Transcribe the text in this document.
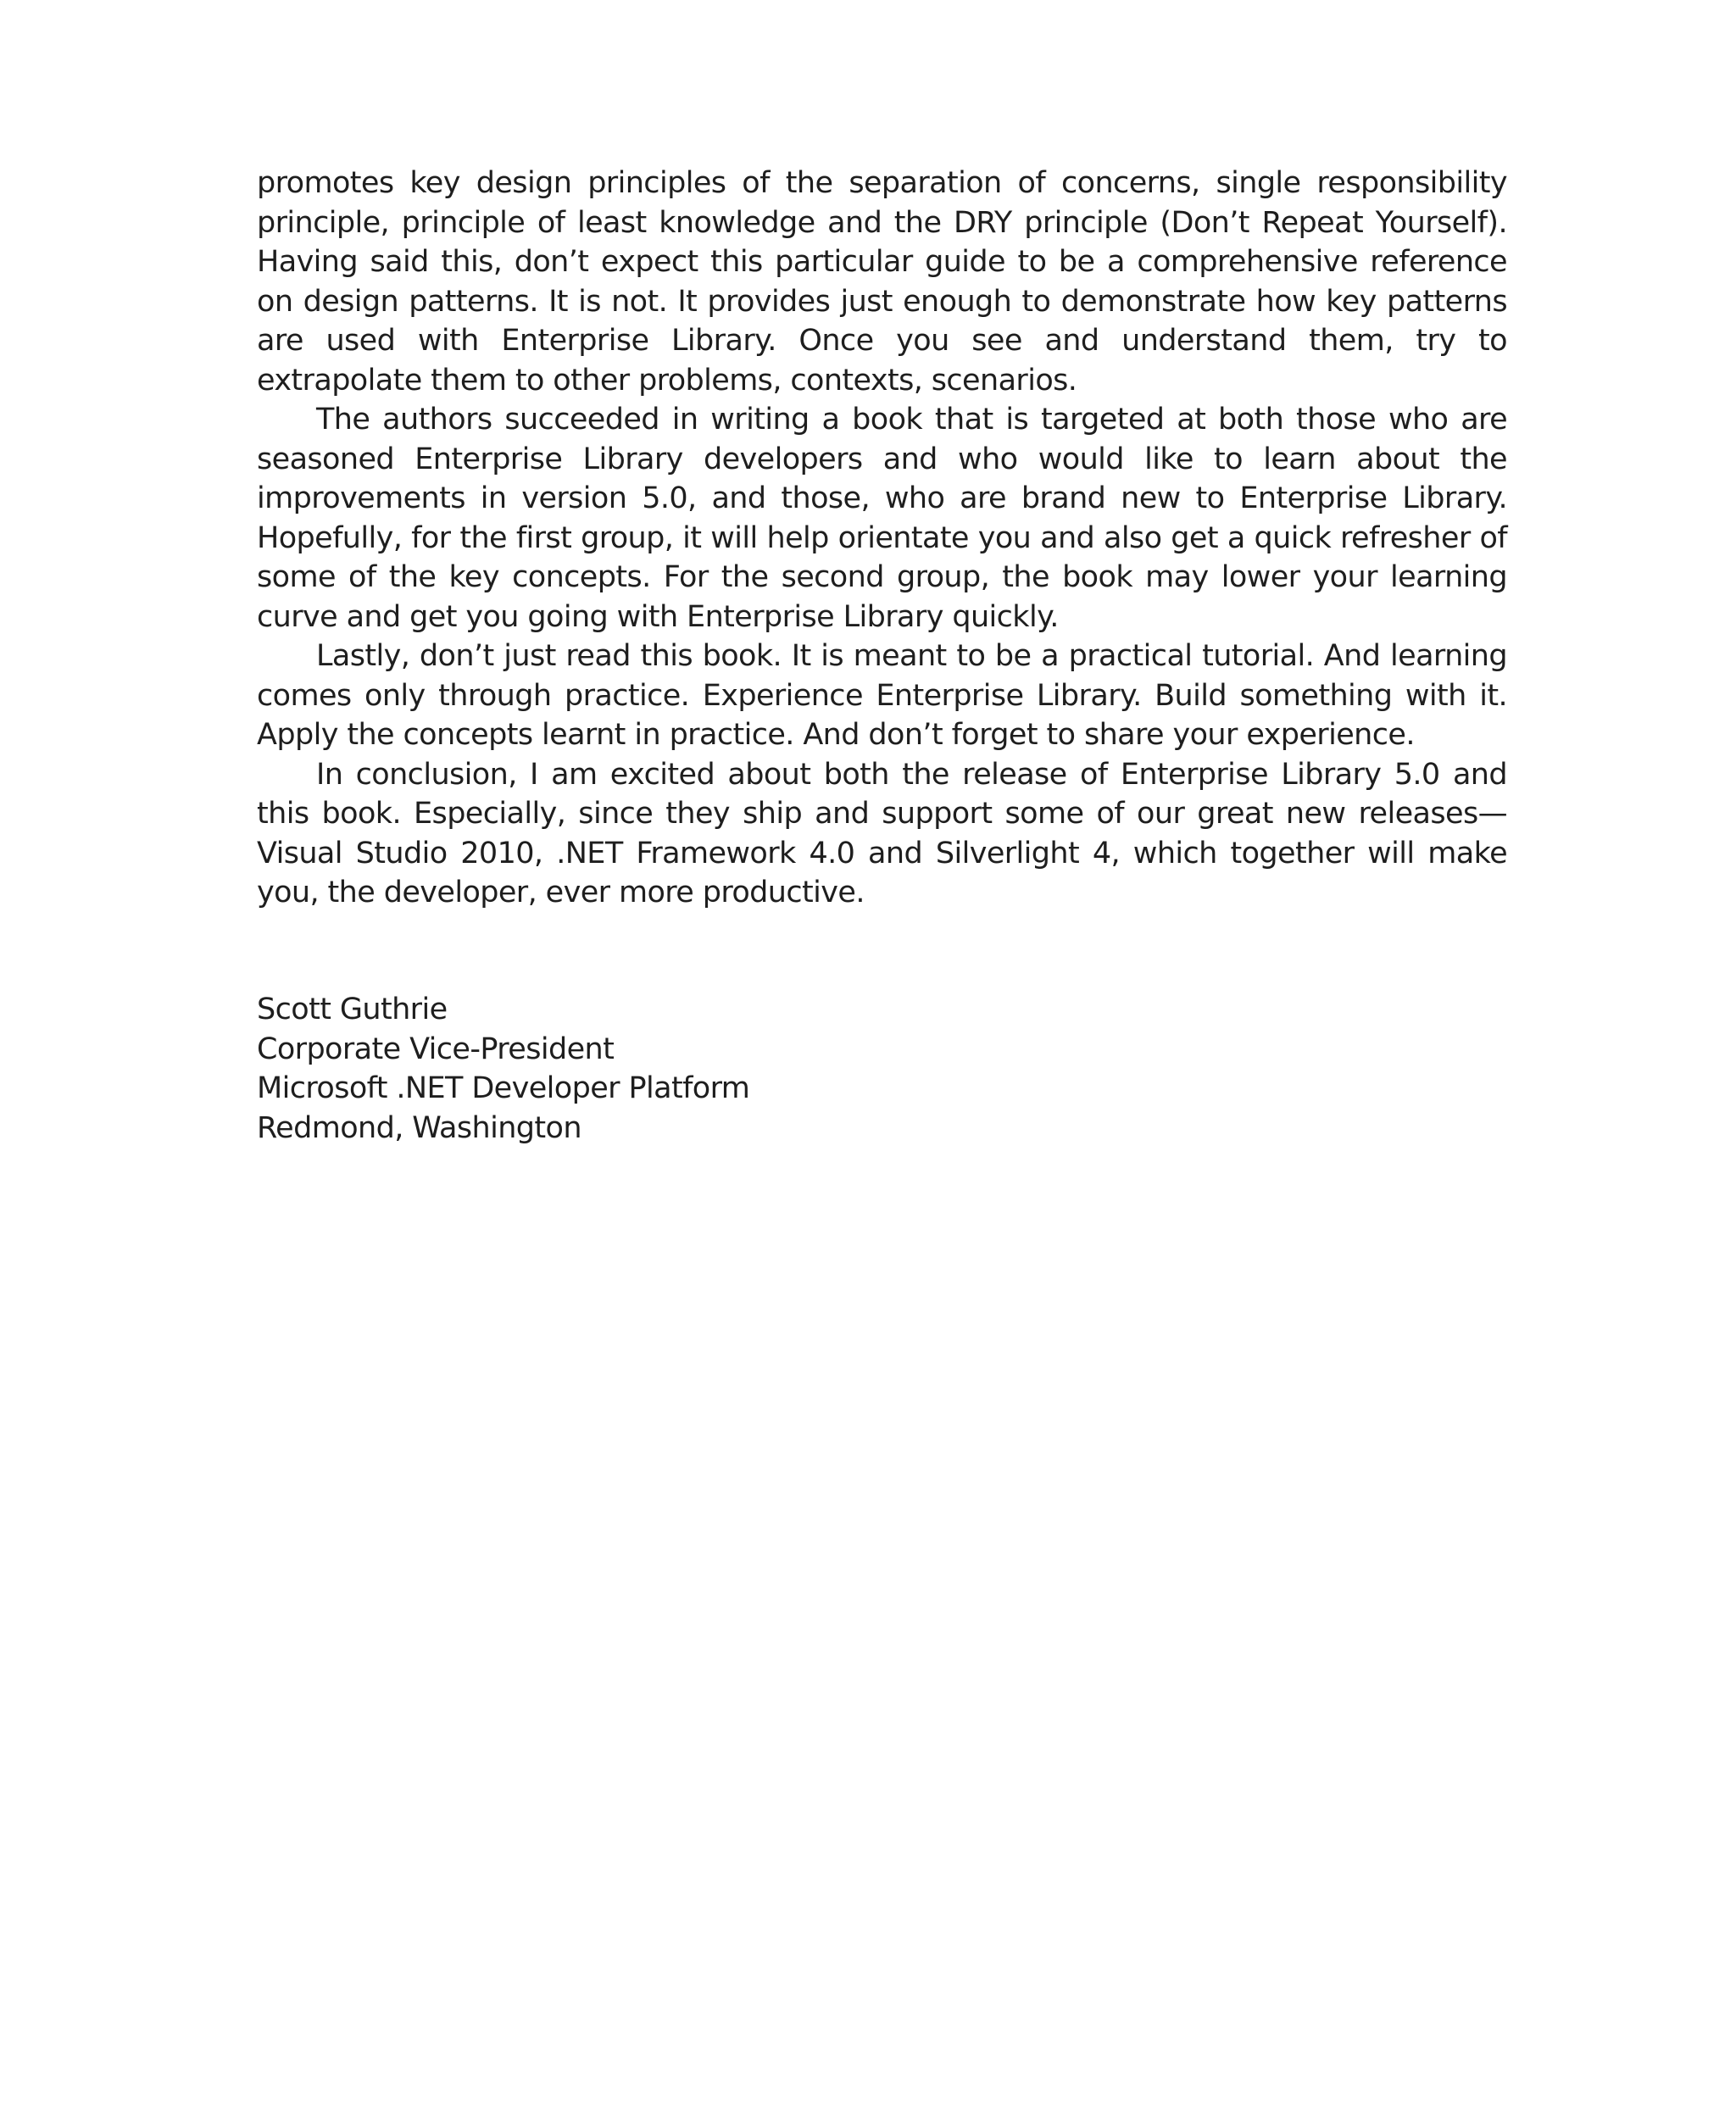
promotes key design principles of the separation of concerns, single responsibility principle, principle of least knowledge and the DRY principle (Don’t Repeat Yourself). Having said this, don’t expect this particular guide to be a comprehensive reference on design patterns. It is not. It provides just enough to demonstrate how key patterns are used with Enterprise Library. Once you see and understand them, try to extrapolate them to other problems, contexts, scenarios.

The authors succeeded in writing a book that is targeted at both those who are seasoned Enterprise Library developers and who would like to learn about the improvements in version 5.0, and those, who are brand new to Enterprise Library. Hopefully, for the first group, it will help orientate you and also get a quick refresher of some of the key concepts. For the second group, the book may lower your learning curve and get you going with Enterprise Library quickly.

Lastly, don’t just read this book. It is meant to be a practical tutorial. And learning comes only through practice. Experience Enterprise Library. Build something with it. Apply the concepts learnt in practice. And don’t forget to share your experience.

In conclusion, I am excited about both the release of Enterprise Library 5.0 and this book. Especially, since they ship and support some of our great new releases—Visual Studio 2010, .NET Framework 4.0 and Silverlight 4, which together will make you, the developer, ever more productive.

Scott Guthrie
Corporate Vice-President
Microsoft .NET Developer Platform
Redmond, Washington
